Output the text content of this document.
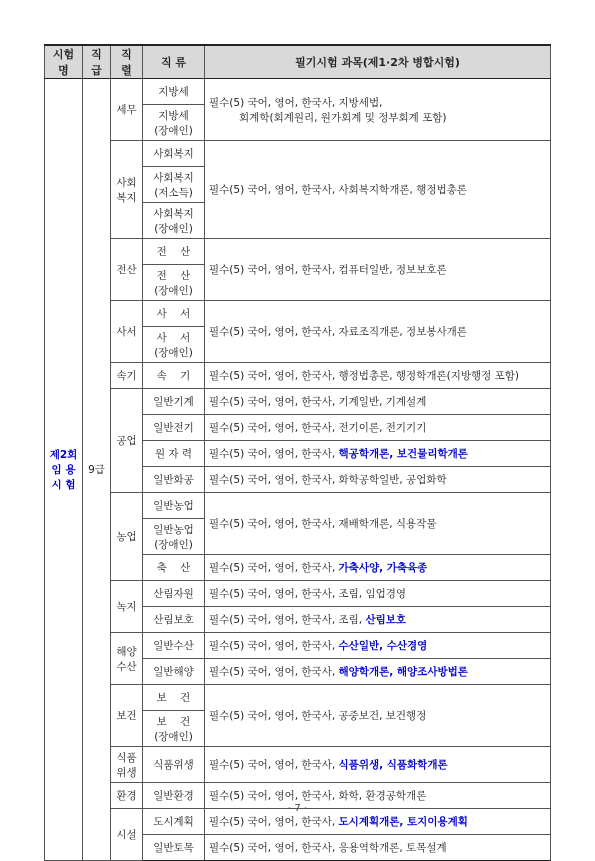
시험명	직 급	직 렬	직 류	필기시험 과목(제1·2차 병합시험)
제2회
임 용
시 험	9급	세무	지방세	필수(5) 국어, 영어, 한국사, 지방세법,
회계학(회계원리, 원가회계 및 정부회계 포함)
			지방세
(장애인)	
		사회
복지	사회복지	필수(5) 국어, 영어, 한국사, 사회복지학개론, 행정법총론
			사회복지
(저소득)	
			사회복지
(장애인)	
		전산	전    산	필수(5) 국어, 영어, 한국사, 컴퓨터일반, 정보보호론
			전    산
(장애인)	
		사서	사    서	필수(5) 국어, 영어, 한국사, 자료조직개론, 정보봉사개론
			사    서
(장애인)	
		속기	속    기	필수(5) 국어, 영어, 한국사, 행정법총론, 행정학개론(지방행정 포함)
		공업	일반기계	필수(5) 국어, 영어, 한국사, 기계일반, 기계설계
			일반전기	필수(5) 국어, 영어, 한국사, 전기이론, 전기기기
			원 자 력	필수(5) 국어, 영어, 한국사, 핵공학개론, 보건물리학개론
			일반화공	필수(5) 국어, 영어, 한국사, 화학공학일반, 공업화학
		농업	일반농업	필수(5) 국어, 영어, 한국사, 재배학개론, 식용작물
			일반농업
(장애인)	
			축    산	필수(5) 국어, 영어, 한국사, 가축사양, 가축육종
		녹지	산림자원	필수(5) 국어, 영어, 한국사, 조림, 임업경영
			산림보호	필수(5) 국어, 영어, 한국사, 조림, 산림보호
		해양
수산	일반수산	필수(5) 국어, 영어, 한국사, 수산일반, 수산경영
			일반해양	필수(5) 국어, 영어, 한국사, 해양학개론, 해양조사방법론
		보건	보    건	필수(5) 국어, 영어, 한국사, 공중보건, 보건행정
			보    건
(장애인)	
		식품
위생	식품위생	필수(5) 국어, 영어, 한국사, 식품위생, 식품화학개론
		환경	일반환경	필수(5) 국어, 영어, 한국사, 화학, 환경공학개론
		시설	도시계획	필수(5) 국어, 영어, 한국사, 도시계획개론, 토지이용계획
			일반토목	필수(5) 국어, 영어, 한국사, 응용역학개론, 토목설계
- 7 -
